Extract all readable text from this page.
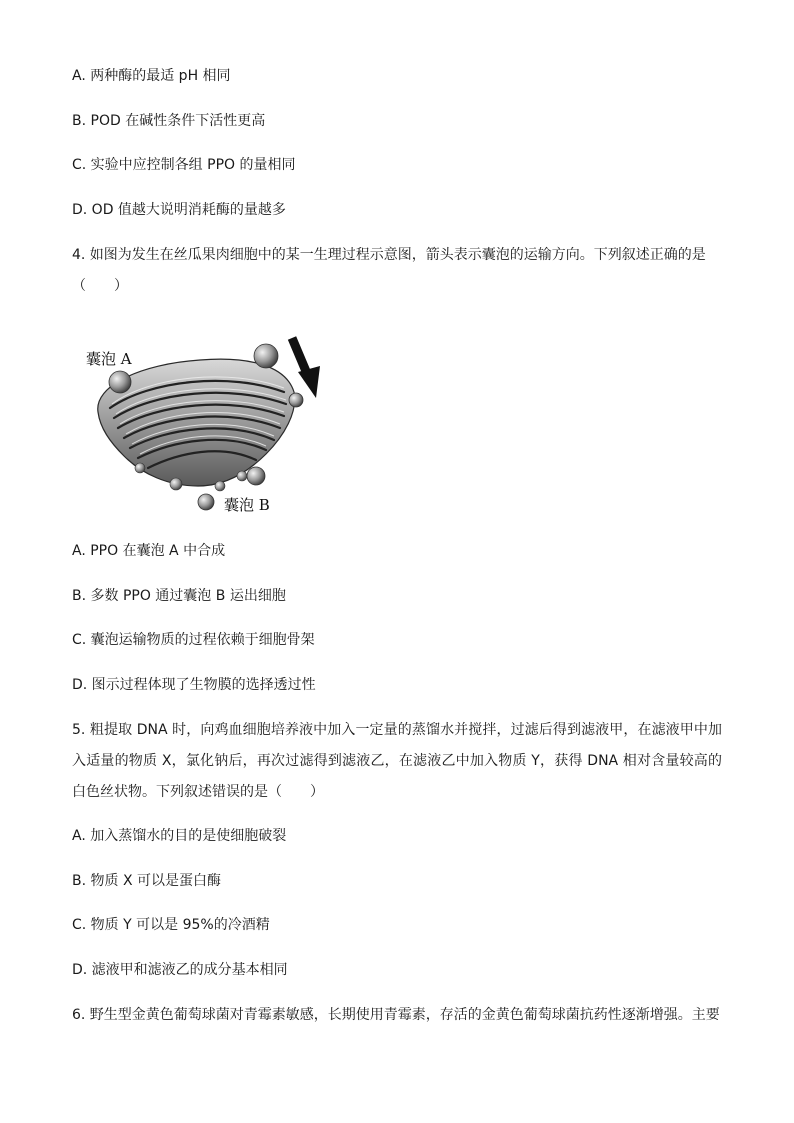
A. 两种酶的最适 pH 相同
B. POD 在碱性条件下活性更高
C. 实验中应控制各组 PPO 的量相同
D. OD 值越大说明消耗酶的量越多
4. 如图为发生在丝瓜果肉细胞中的某一生理过程示意图，箭头表示囊泡的运输方向。下列叙述正确的是
（　　）
囊泡 A
囊泡 B
A. PPO 在囊泡 A 中合成
B. 多数 PPO 通过囊泡 B 运出细胞
C. 囊泡运输物质的过程依赖于细胞骨架
D. 图示过程体现了生物膜的选择透过性
5. 粗提取 DNA 时，向鸡血细胞培养液中加入一定量的蒸馏水并搅拌，过滤后得到滤液甲，在滤液甲中加入适量的物质 X，氯化钠后，再次过滤得到滤液乙，在滤液乙中加入物质 Y，获得 DNA 相对含量较高的白色丝状物。下列叙述错误的是（　　）
A. 加入蒸馏水的目的是使细胞破裂
B. 物质 X 可以是蛋白酶
C. 物质 Y 可以是 95%的冷酒精
D. 滤液甲和滤液乙的成分基本相同
6. 野生型金黄色葡萄球菌对青霉素敏感，长期使用青霉素，存活的金黄色葡萄球菌抗药性逐渐增强。主要
